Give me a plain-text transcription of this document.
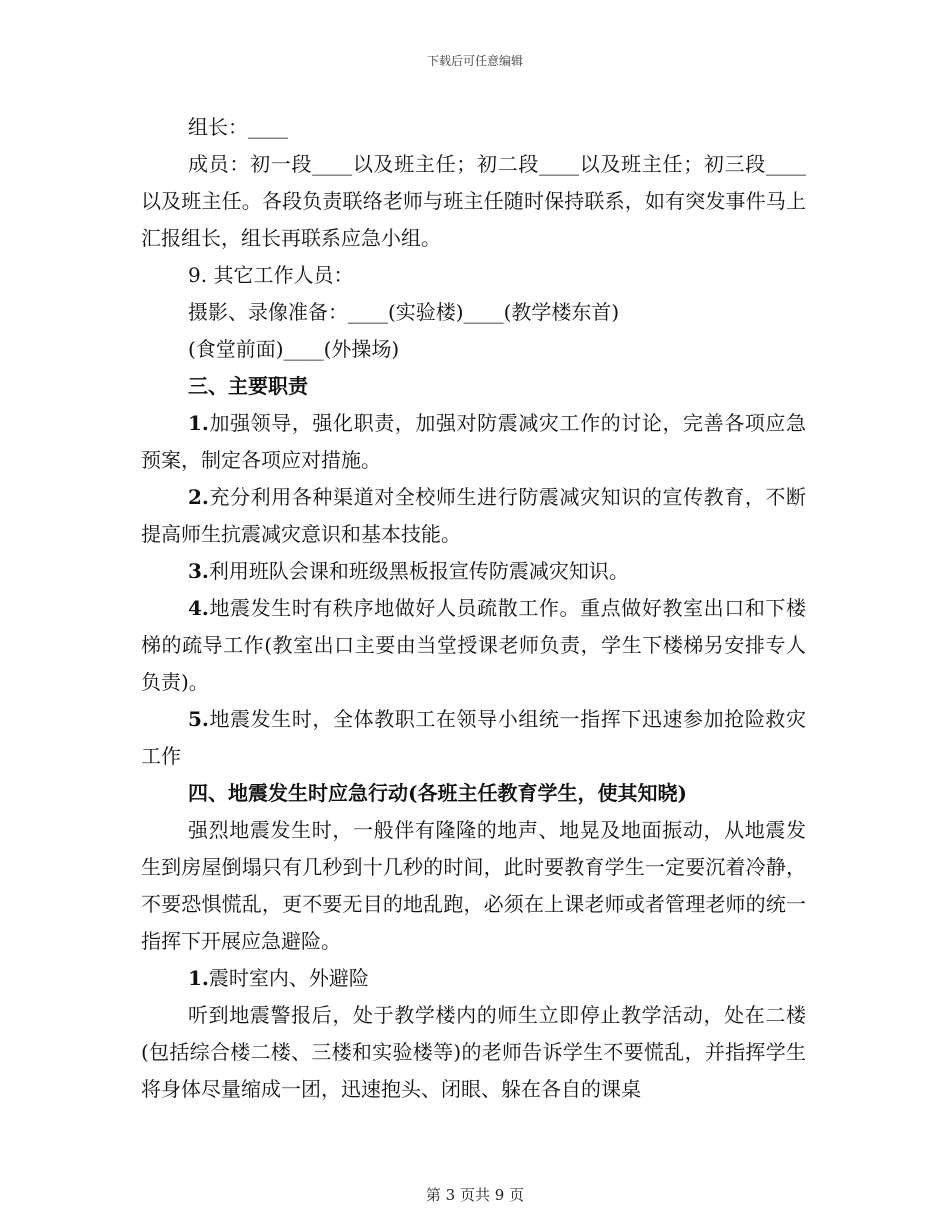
下载后可任意编辑

组长：____

成员：初一段____以及班主任；初二段____以及班主任；初三段____以及班主任。各段负责联络老师与班主任随时保持联系，如有突发事件马上汇报组长，组长再联系应急小组。

9. 其它工作人员：

摄影、录像准备：____(实验楼)____(教学楼东首)

(食堂前面)____(外操场)

三、主要职责

1.加强领导，强化职责，加强对防震减灾工作的讨论，完善各项应急预案，制定各项应对措施。

2.充分利用各种渠道对全校师生进行防震减灾知识的宣传教育，不断提高师生抗震减灾意识和基本技能。

3.利用班队会课和班级黑板报宣传防震减灾知识。

4.地震发生时有秩序地做好人员疏散工作。重点做好教室出口和下楼梯的疏导工作(教室出口主要由当堂授课老师负责，学生下楼梯另安排专人负责)。

5.地震发生时，全体教职工在领导小组统一指挥下迅速参加抢险救灾工作

四、地震发生时应急行动(各班主任教育学生，使其知晓)

强烈地震发生时，一般伴有隆隆的地声、地晃及地面振动，从地震发生到房屋倒塌只有几秒到十几秒的时间，此时要教育学生一定要沉着冷静，不要恐惧慌乱，更不要无目的地乱跑，必须在上课老师或者管理老师的统一指挥下开展应急避险。

1.震时室内、外避险

听到地震警报后，处于教学楼内的师生立即停止教学活动，处在二楼(包括综合楼二楼、三楼和实验楼等)的老师告诉学生不要慌乱，并指挥学生将身体尽量缩成一团，迅速抱头、闭眼、躲在各自的课桌

第 3 页共 9 页
